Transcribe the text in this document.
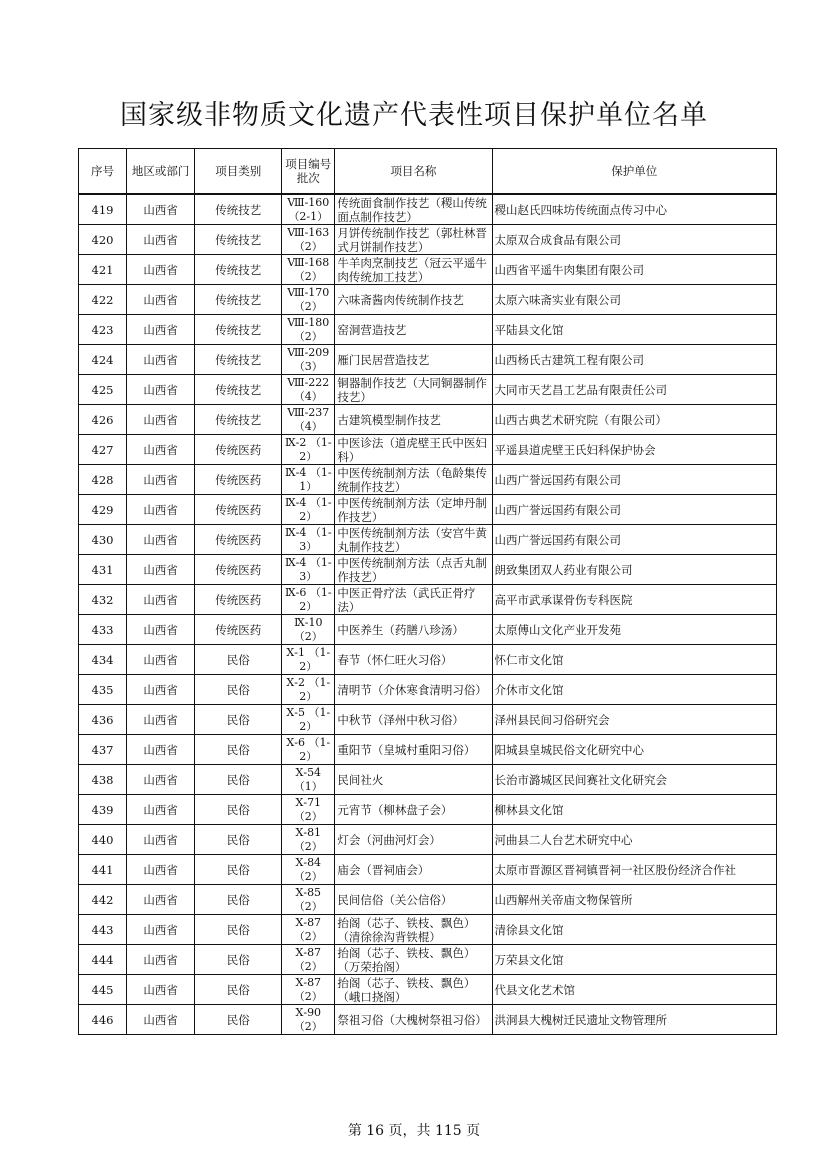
国家级非物质文化遗产代表性项目保护单位名单
序号	地区或部门	项目类别	项目编号批次	项目名称	保护单位
419	山西省	传统技艺	Ⅷ-160 （2-1）	传统面食制作技艺（稷山传统面点制作技艺）	稷山赵氏四味坊传统面点传习中心
420	山西省	传统技艺	Ⅷ-163 （2）	月饼传统制作技艺（郭杜林晋式月饼制作技艺）	太原双合成食品有限公司
421	山西省	传统技艺	Ⅷ-168 （2）	牛羊肉烹制技艺（冠云平遥牛肉传统加工技艺）	山西省平遥牛肉集团有限公司
422	山西省	传统技艺	Ⅷ-170 （2）	六味斋酱肉传统制作技艺	太原六味斋实业有限公司
423	山西省	传统技艺	Ⅷ-180 （2）	窑洞营造技艺	平陆县文化馆
424	山西省	传统技艺	Ⅷ-209 （3）	雁门民居营造技艺	山西杨氏古建筑工程有限公司
425	山西省	传统技艺	Ⅷ-222 （4）	铜器制作技艺（大同铜器制作技艺）	大同市天艺昌工艺品有限责任公司
426	山西省	传统技艺	Ⅷ-237 （4）	古建筑模型制作技艺	山西古典艺术研究院（有限公司）
427	山西省	传统医药	Ⅸ-2 （1-2）	中医诊法（道虎壁王氏中医妇科）	平遥县道虎壁王氏妇科保护协会
428	山西省	传统医药	Ⅸ-4 （1-1）	中医传统制剂方法（龟龄集传统制作技艺）	山西广誉远国药有限公司
429	山西省	传统医药	Ⅸ-4 （1-2）	中医传统制剂方法（定坤丹制作技艺）	山西广誉远国药有限公司
430	山西省	传统医药	Ⅸ-4 （1-3）	中医传统制剂方法（安宫牛黄丸制作技艺）	山西广誉远国药有限公司
431	山西省	传统医药	Ⅸ-4 （1-3）	中医传统制剂方法（点舌丸制作技艺）	朗致集团双人药业有限公司
432	山西省	传统医药	Ⅸ-6 （1-2）	中医正骨疗法（武氏正骨疗法）	高平市武承谋骨伤专科医院
433	山西省	传统医药	Ⅸ-10 （2）	中医养生（药膳八珍汤）	太原傅山文化产业开发苑
434	山西省	民俗	Ⅹ-1 （1-2）	春节（怀仁旺火习俗）	怀仁市文化馆
435	山西省	民俗	Ⅹ-2 （1-2）	清明节（介休寒食清明习俗）	介休市文化馆
436	山西省	民俗	Ⅹ-5 （1-2）	中秋节（泽州中秋习俗）	泽州县民间习俗研究会
437	山西省	民俗	Ⅹ-6 （1-2）	重阳节（皇城村重阳习俗）	阳城县皇城民俗文化研究中心
438	山西省	民俗	Ⅹ-54 （1）	民间社火	长治市潞城区民间赛社文化研究会
439	山西省	民俗	Ⅹ-71 （2）	元宵节（柳林盘子会）	柳林县文化馆
440	山西省	民俗	Ⅹ-81 （2）	灯会（河曲河灯会）	河曲县二人台艺术研究中心
441	山西省	民俗	Ⅹ-84 （2）	庙会（晋祠庙会）	太原市晋源区晋祠镇晋祠一社区股份经济合作社
442	山西省	民俗	Ⅹ-85 （2）	民间信俗（关公信俗）	山西解州关帝庙文物保管所
443	山西省	民俗	Ⅹ-87 （2）	抬阁（芯子、铁枝、飘色）（清徐徐沟背铁棍）	清徐县文化馆
444	山西省	民俗	Ⅹ-87 （2）	抬阁（芯子、铁枝、飘色）（万荣抬阁）	万荣县文化馆
445	山西省	民俗	Ⅹ-87 （2）	抬阁（芯子、铁枝、飘色）（峨口挠阁）	代县文化艺术馆
446	山西省	民俗	Ⅹ-90 （2）	祭祖习俗（大槐树祭祖习俗）	洪洞县大槐树迁民遗址文物管理所
第 16 页，共 115 页
